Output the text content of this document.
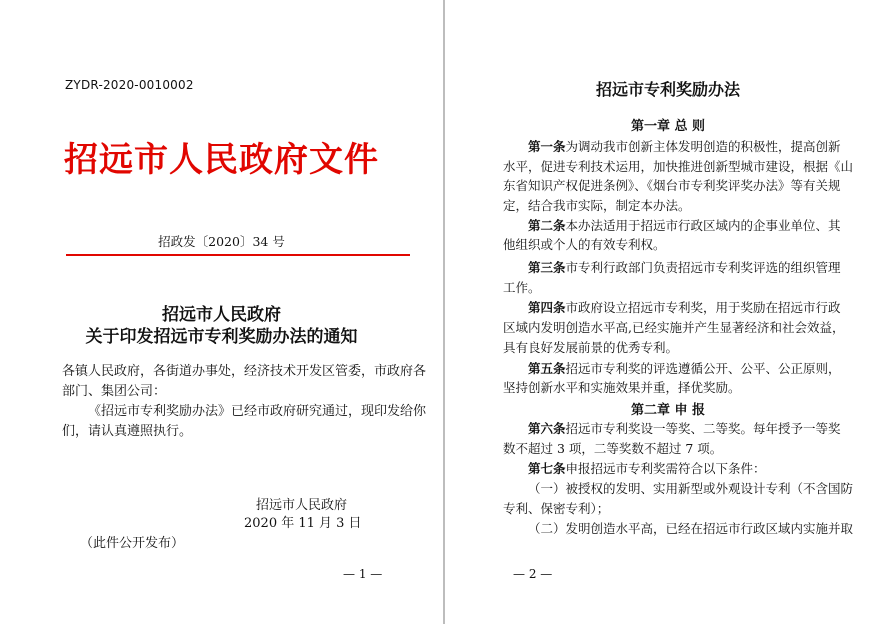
ZYDR-2020-0010002
招远市人民政府文件
招政发〔2020〕34 号
招远市人民政府
关于印发招远市专利奖励办法的通知
各镇人民政府，各街道办事处，经济技术开发区管委，市政府各
部门、集团公司：
《招远市专利奖励办法》已经市政府研究通过，现印发给你
们，请认真遵照执行。
招远市人民政府
2020 年 11 月 3 日
（此件公开发布）
— 1 —
招远市专利奖励办法
第一章 总 则
第一条为调动我市创新主体发明创造的积极性，提高创新
水平，促进专利技术运用，加快推进创新型城市建设，根据《山
东省知识产权促进条例》、《烟台市专利奖评奖办法》等有关规
定，结合我市实际，制定本办法。
第二条本办法适用于招远市行政区域内的企事业单位、其
他组织或个人的有效专利权。
第三条市专利行政部门负责招远市专利奖评选的组织管理
工作。
第四条市政府设立招远市专利奖，用于奖励在招远市行政
区域内发明创造水平高,已经实施并产生显著经济和社会效益，
具有良好发展前景的优秀专利。
第五条招远市专利奖的评选遵循公开、公平、公正原则，
坚持创新水平和实施效果并重，择优奖励。
第二章 申 报
第六条招远市专利奖设一等奖、二等奖。每年授予一等奖
数不超过 3 项，二等奖数不超过 7 项。
第七条申报招远市专利奖需符合以下条件：
（一）被授权的发明、实用新型或外观设计专利（不含国防
专利、保密专利）；
（二）发明创造水平高，已经在招远市行政区域内实施并取
— 2 —
